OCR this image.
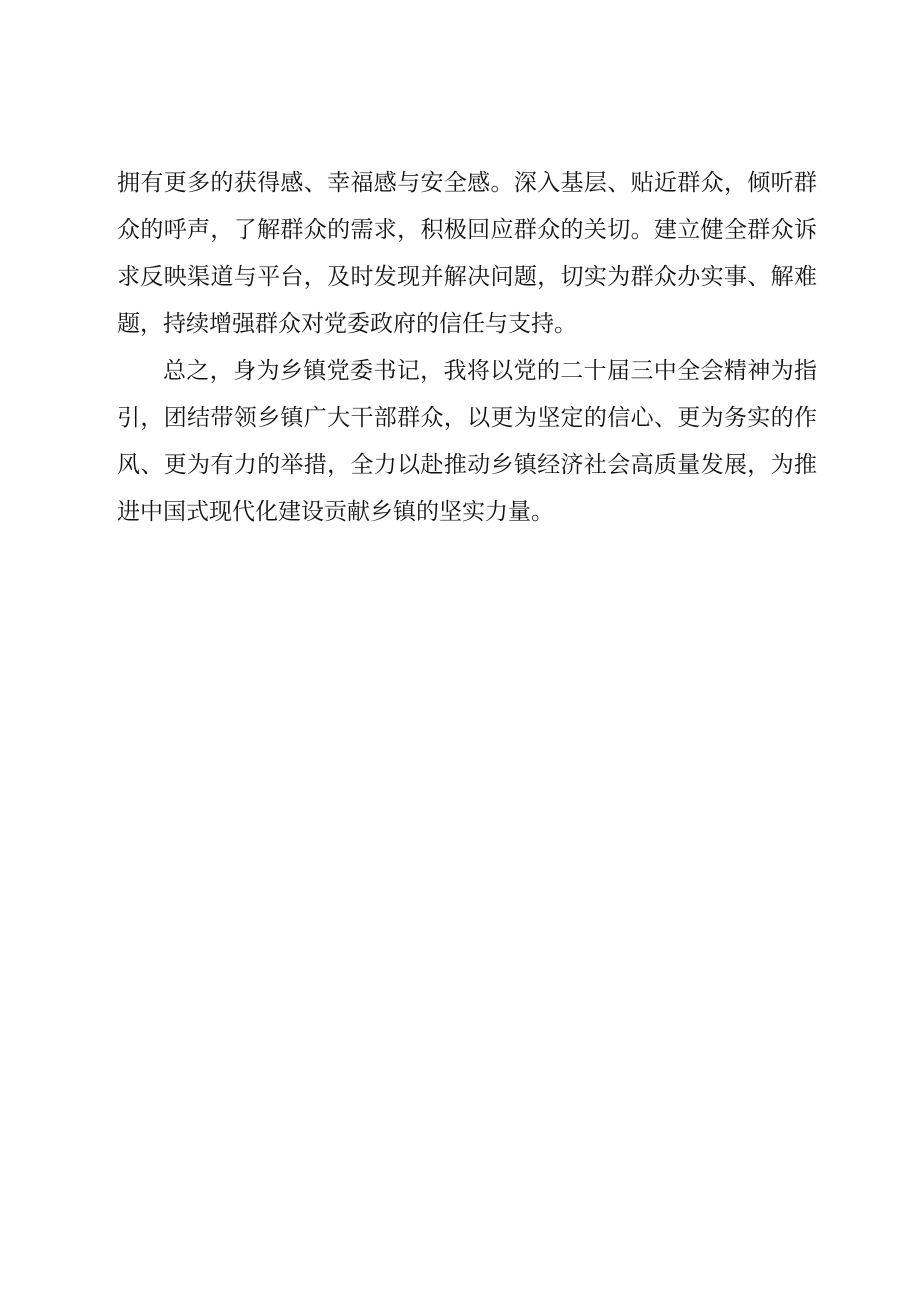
拥有更多的获得感、幸福感与安全感。深入基层、贴近群众，倾听群

众的呼声，了解群众的需求，积极回应群众的关切。建立健全群众诉

求反映渠道与平台，及时发现并解决问题，切实为群众办实事、解难

题，持续增强群众对党委政府的信任与支持。

总之，身为乡镇党委书记，我将以党的二十届三中全会精神为指

引，团结带领乡镇广大干部群众，以更为坚定的信心、更为务实的作

风、更为有力的举措，全力以赴推动乡镇经济社会高质量发展，为推

进中国式现代化建设贡献乡镇的坚实力量。
